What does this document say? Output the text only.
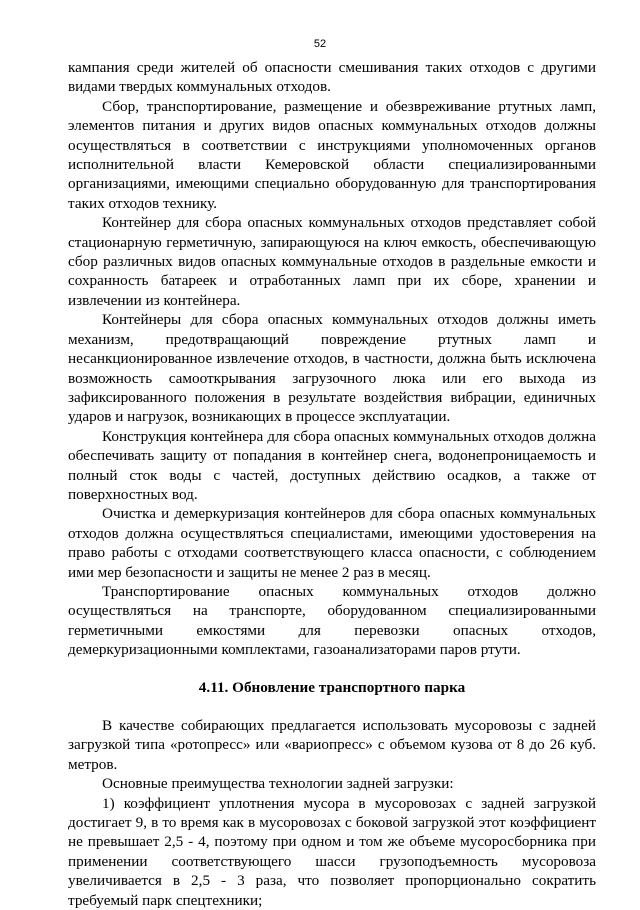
52

кампания среди жителей об опасности смешивания таких отходов с другими видами твердых коммунальных отходов.

Сбор, транспортирование, размещение и обезвреживание ртутных ламп, элементов питания и других видов опасных коммунальных отходов должны осуществляться в соответствии с инструкциями уполномоченных органов исполнительной власти Кемеровской области специализированными организациями, имеющими специально оборудованную для транспортирования таких отходов технику.

Контейнер для сбора опасных коммунальных отходов представляет собой стационарную герметичную, запирающуюся на ключ емкость, обеспечивающую сбор различных видов опасных коммунальные отходов в раздельные емкости и сохранность батареек и отработанных ламп при их сборе, хранении и извлечении из контейнера.

Контейнеры для сбора опасных коммунальных отходов должны иметь механизм, предотвращающий повреждение ртутных ламп и несанкционированное извлечение отходов, в частности, должна быть исключена возможность самооткрывания загрузочного люка или его выхода из зафиксированного положения в результате воздействия вибрации, единичных ударов и нагрузок, возникающих в процессе эксплуатации.

Конструкция контейнера для сбора опасных коммунальных отходов должна обеспечивать защиту от попадания в контейнер снега, водонепроницаемость и полный сток воды с частей, доступных действию осадков, а также от поверхностных вод.

Очистка и демеркуризация контейнеров для сбора опасных коммунальных отходов должна осуществляться специалистами, имеющими удостоверения на право работы с отходами соответствующего класса опасности, с соблюдением ими мер безопасности и защиты не менее 2 раз в месяц.

Транспортирование опасных коммунальных отходов должно осуществляться на транспорте, оборудованном специализированными герметичными емкостями для перевозки опасных отходов, демеркуризационными комплектами, газоанализаторами паров ртути.

4.11. Обновление транспортного парка

В качестве собирающих предлагается использовать мусоровозы с задней загрузкой типа «ротопресс» или «вариопресс» с объемом кузова от 8 до 26 куб. метров.

Основные преимущества технологии задней загрузки:

1) коэффициент уплотнения мусора в мусоровозах с задней загрузкой достигает 9, в то время как в мусоровозах с боковой загрузкой этот коэффициент не превышает 2,5 - 4, поэтому при одном и том же объеме мусоросборника при применении соответствующего шасси грузоподъемность мусоровоза увеличивается в 2,5 - 3 раза, что позволяет пропорционально сократить требуемый парк спецтехники;
